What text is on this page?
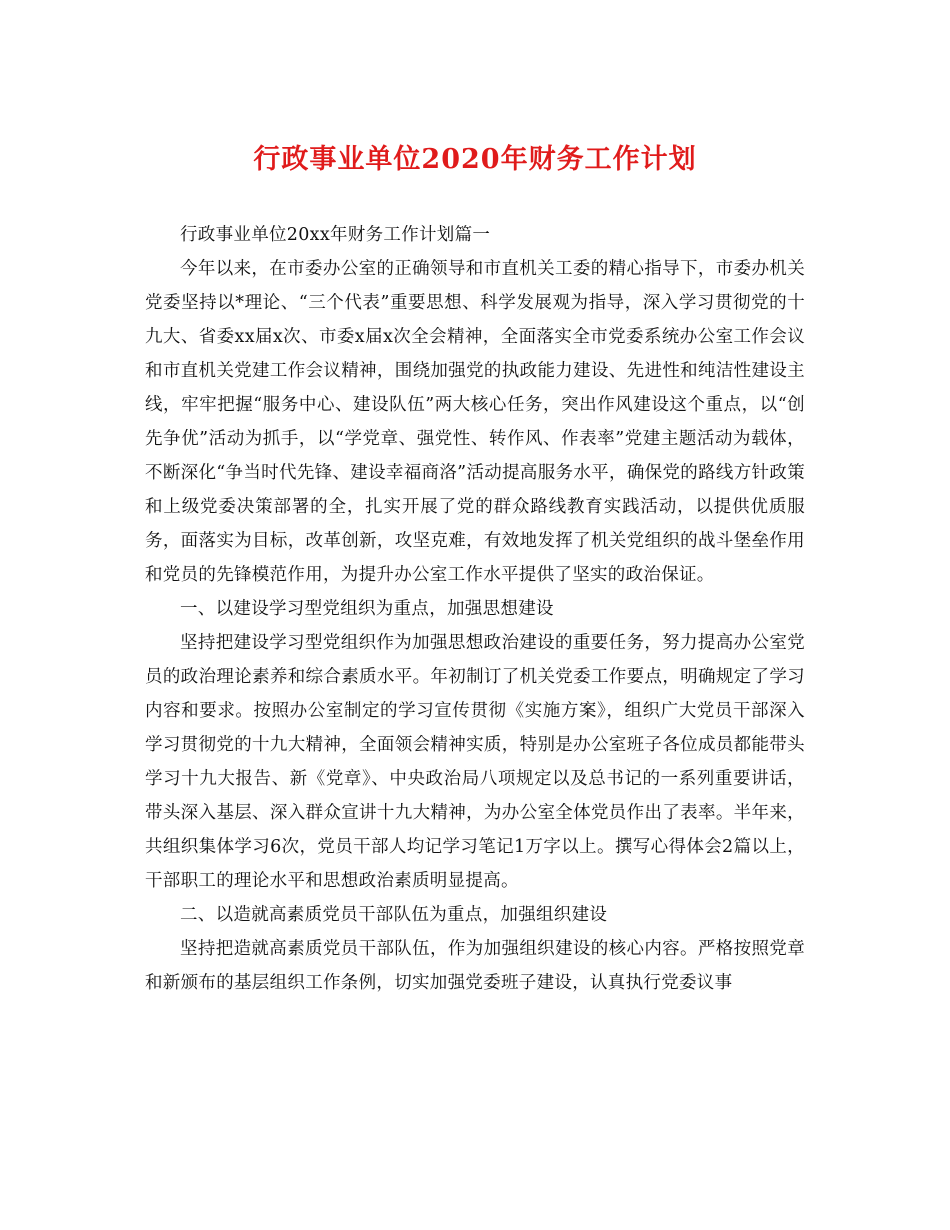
行政事业单位2020年财务工作计划

行政事业单位20xx年财务工作计划篇一

今年以来，在市委办公室的正确领导和市直机关工委的精心指导下，市委办机关党委坚持以*理论、“三个代表”重要思想、科学发展观为指导，深入学习贯彻党的十九大、省委xx届x次、市委x届x次全会精神，全面落实全市党委系统办公室工作会议和市直机关党建工作会议精神，围绕加强党的执政能力建设、先进性和纯洁性建设主线，牢牢把握“服务中心、建设队伍”两大核心任务，突出作风建设这个重点，以“创先争优”活动为抓手，以“学党章、强党性、转作风、作表率”党建主题活动为载体，不断深化“争当时代先锋、建设幸福商洛”活动提高服务水平，确保党的路线方针政策和上级党委决策部署的全，扎实开展了党的群众路线教育实践活动，以提供优质服务，面落实为目标，改革创新，攻坚克难，有效地发挥了机关党组织的战斗堡垒作用和党员的先锋模范作用，为提升办公室工作水平提供了坚实的政治保证。

一、以建设学习型党组织为重点，加强思想建设

坚持把建设学习型党组织作为加强思想政治建设的重要任务，努力提高办公室党员的政治理论素养和综合素质水平。年初制订了机关党委工作要点，明确规定了学习内容和要求。按照办公室制定的学习宣传贯彻《实施方案》，组织广大党员干部深入学习贯彻党的十九大精神，全面领会精神实质，特别是办公室班子各位成员都能带头学习十九大报告、新《党章》、中央政治局八项规定以及总书记的一系列重要讲话，带头深入基层、深入群众宣讲十九大精神，为办公室全体党员作出了表率。半年来，共组织集体学习6次，党员干部人均记学习笔记1万字以上。撰写心得体会2篇以上，干部职工的理论水平和思想政治素质明显提高。

二、以造就高素质党员干部队伍为重点，加强组织建设

坚持把造就高素质党员干部队伍，作为加强组织建设的核心内容。严格按照党章和新颁布的基层组织工作条例，切实加强党委班子建设，认真执行党委议事
